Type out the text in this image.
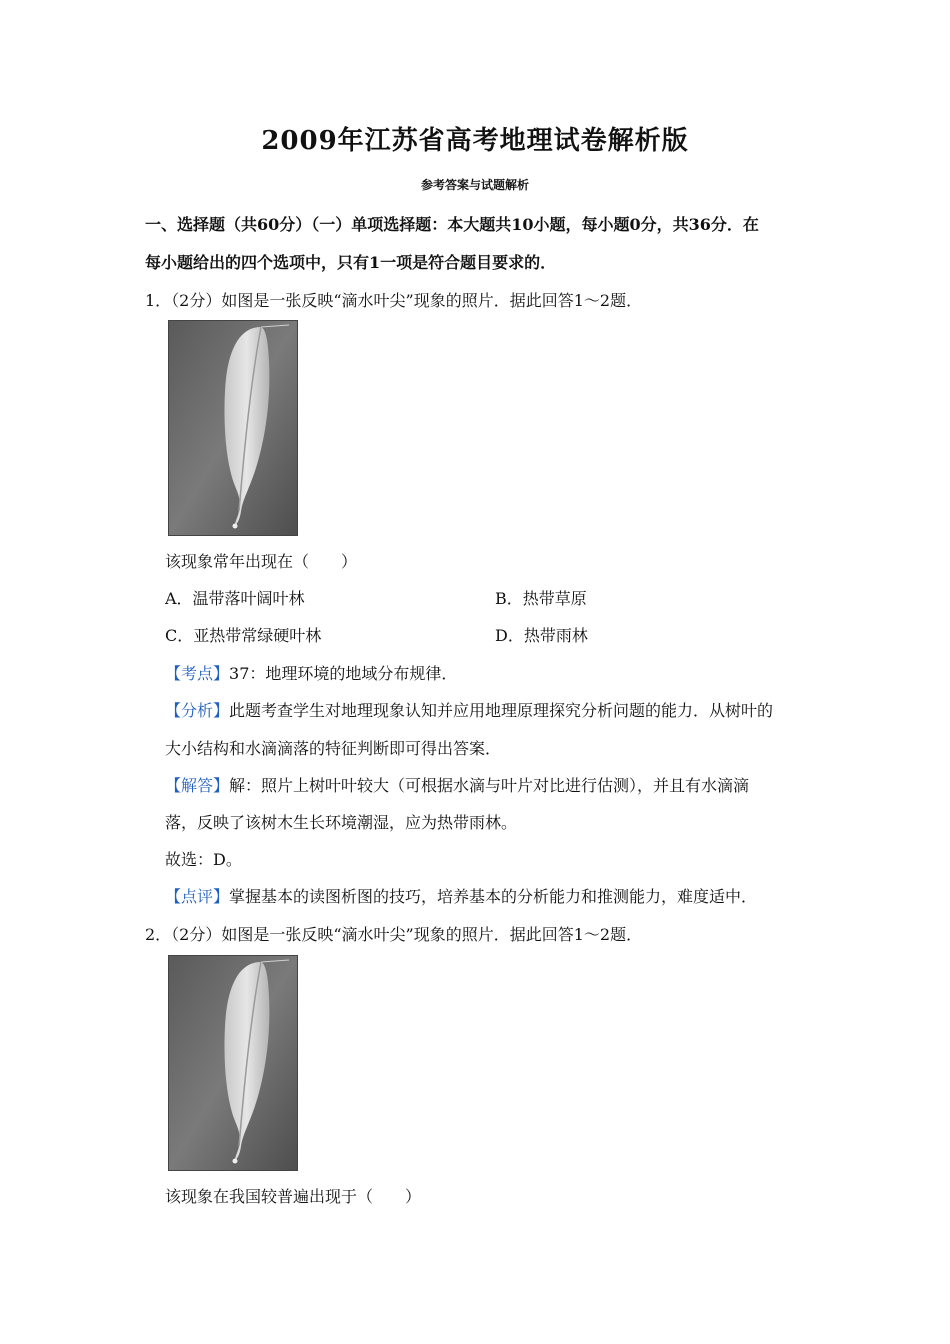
2009年江苏省高考地理试卷解析版
参考答案与试题解析
一、选择题（共60分）（一）单项选择题：本大题共10小题，每小题0分，共36分．在
每小题给出的四个选项中，只有1一项是符合题目要求的．
1．（2分）如图是一张反映“滴水叶尖”现象的照片．据此回答1～2题．
该现象常年出现在（　　）
A．温带落叶阔叶林	B．热带草原
C．亚热带常绿硬叶林	D．热带雨林
【考点】37：地理环境的地域分布规律．
【分析】此题考查学生对地理现象认知并应用地理原理探究分析问题的能力．从树叶的
大小结构和水滴滴落的特征判断即可得出答案．
【解答】解：照片上树叶叶较大（可根据水滴与叶片对比进行估测），并且有水滴滴
落，反映了该树木生长环境潮湿，应为热带雨林。
故选：D。
【点评】掌握基本的读图析图的技巧，培养基本的分析能力和推测能力，难度适中．
2．（2分）如图是一张反映“滴水叶尖”现象的照片．据此回答1～2题．
该现象在我国较普遍出现于（　　）
